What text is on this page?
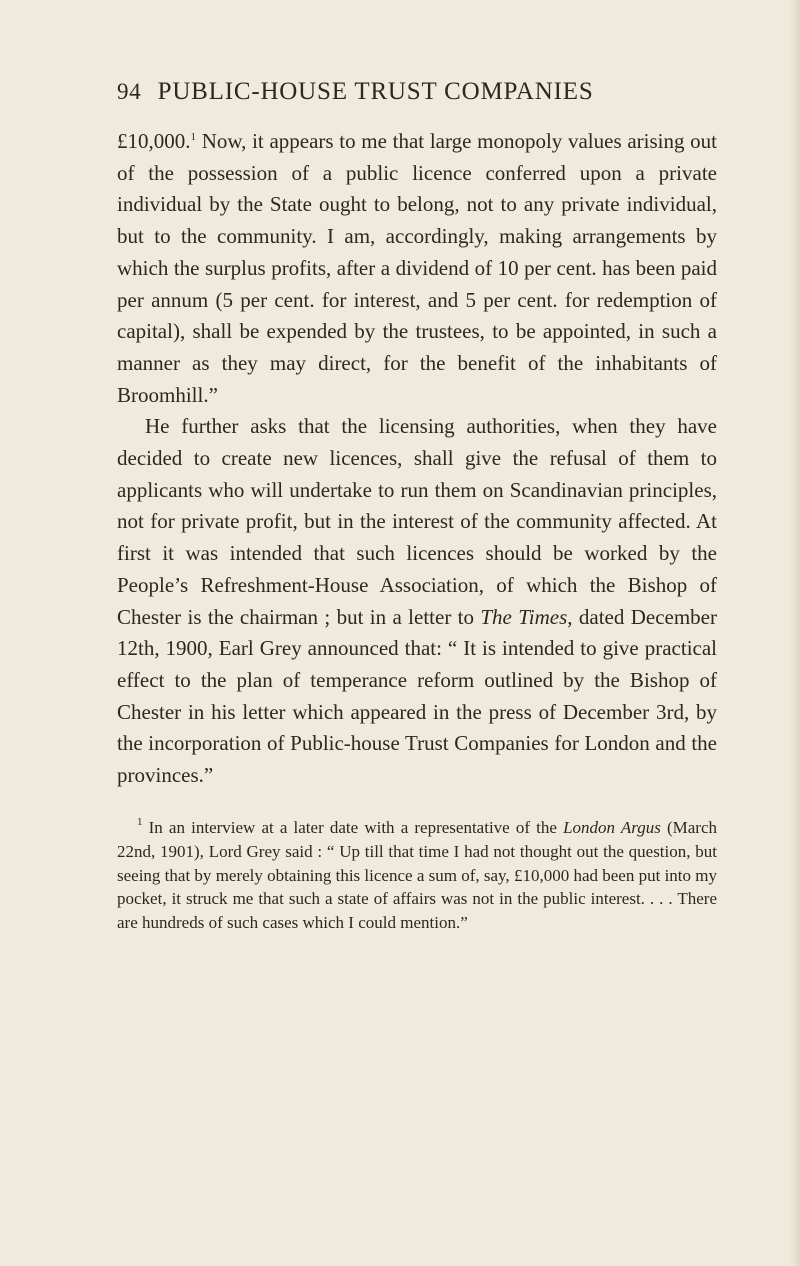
94 PUBLIC-HOUSE TRUST COMPANIES

£10,000.$^1$ Now, it appears to me that large monopoly values arising out of the possession of a public licence conferred upon a private individual by the State ought to belong, not to any private individual, but to the community. I am, accordingly, making arrangements by which the surplus profits, after a dividend of 10 per cent. has been paid per annum (5 per cent. for interest, and 5 per cent. for redemption of capital), shall be expended by the trustees, to be appointed, in such a manner as they may direct, for the benefit of the inhabitants of Broomhill.”

He further asks that the licensing authorities, when they have decided to create new licences, shall give the refusal of them to applicants who will undertake to run them on Scandinavian principles, not for private profit, but in the interest of the community affected. At first it was intended that such licences should be worked by the People’s Refreshment-House Association, of which the Bishop of Chester is the chairman ; but in a letter to The Times, dated December 12th, 1900, Earl Grey announced that: “ It is intended to give practical effect to the plan of temperance reform outlined by the Bishop of Chester in his letter which appeared in the press of December 3rd, by the incorporation of Public-house Trust Companies for London and the provinces.”

$^1$ In an interview at a later date with a representative of the London Argus (March 22nd, 1901), Lord Grey said : “ Up till that time I had not thought out the question, but seeing that by merely obtaining this licence a sum of, say, £10,000 had been put into my pocket, it struck me that such a state of affairs was not in the public interest. . . . There are hundreds of such cases which I could mention.”
